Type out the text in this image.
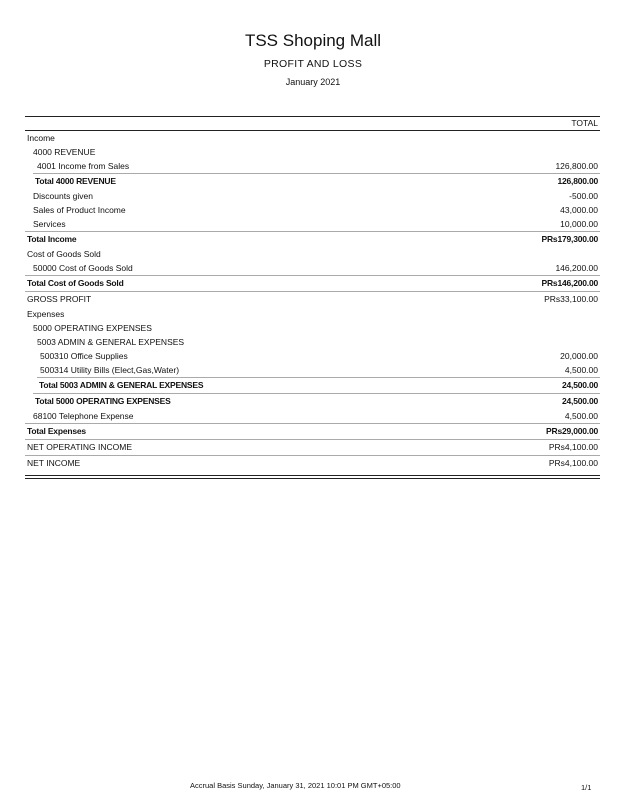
TSS Shoping Mall
PROFIT AND LOSS
January 2021
TOTAL
Income
4000 REVENUE
4001 Income from Sales	126,800.00
Total 4000 REVENUE	126,800.00
Discounts given	-500.00
Sales of Product Income	43,000.00
Services	10,000.00
Total Income	PRs179,300.00
Cost of Goods Sold
50000 Cost of Goods Sold	146,200.00
Total Cost of Goods Sold	PRs146,200.00
GROSS PROFIT	PRs33,100.00
Expenses
5000 OPERATING EXPENSES
5003 ADMIN & GENERAL EXPENSES
500310 Office Supplies	20,000.00
500314 Utility Bills (Elect,Gas,Water)	4,500.00
Total 5003 ADMIN & GENERAL EXPENSES	24,500.00
Total 5000 OPERATING EXPENSES	24,500.00
68100 Telephone Expense	4,500.00
Total Expenses	PRs29,000.00
NET OPERATING INCOME	PRs4,100.00
NET INCOME	PRs4,100.00
Accrual Basis Sunday, January 31, 2021 10:01 PM GMT+05:00	1/1
